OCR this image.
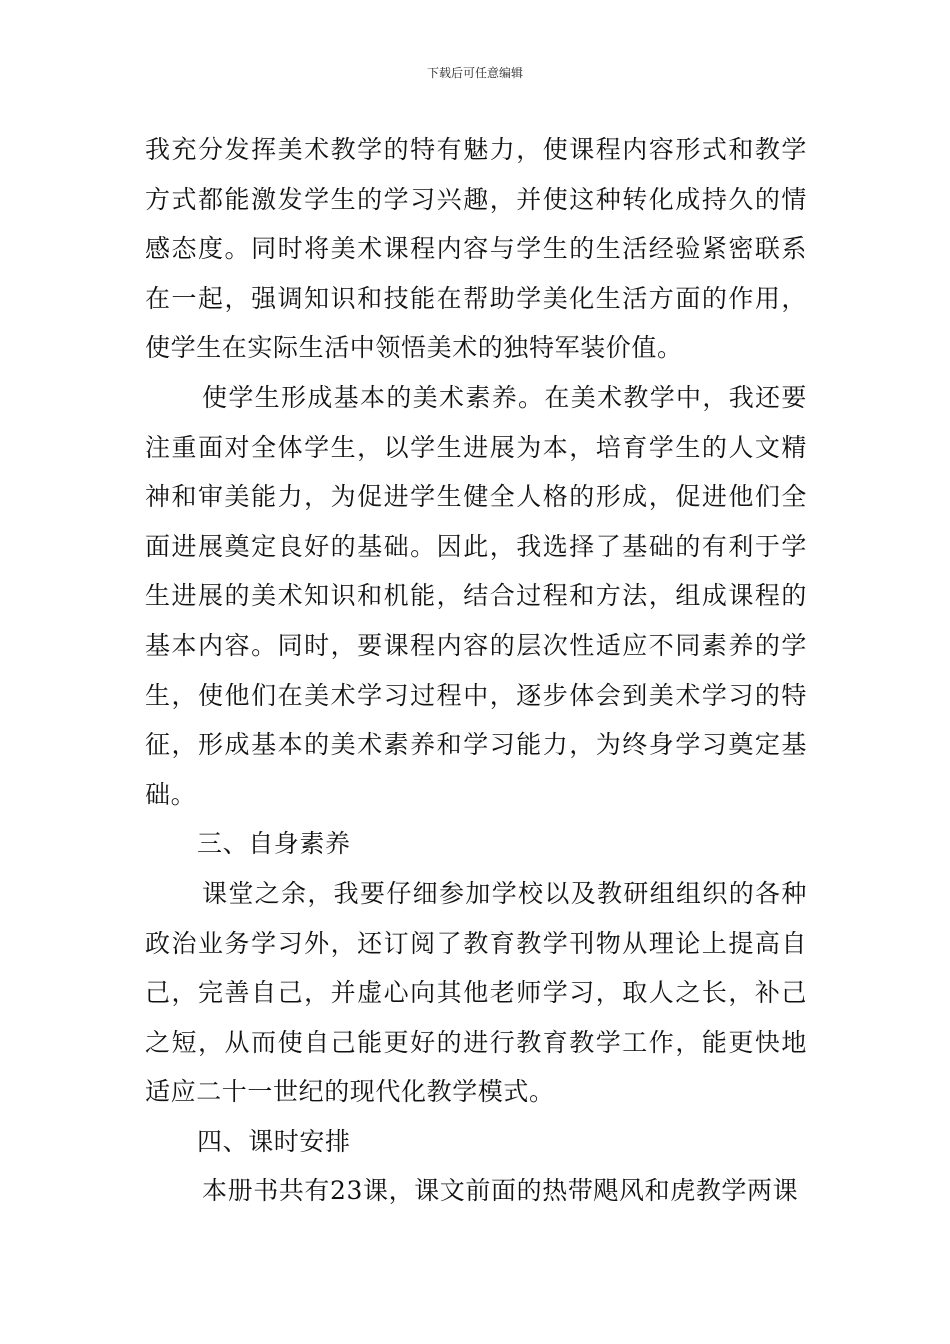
下载后可任意编辑

我充分发挥美术教学的特有魅力，使课程内容形式和教学方式都能激发学生的学习兴趣，并使这种转化成持久的情感态度。同时将美术课程内容与学生的生活经验紧密联系在一起，强调知识和技能在帮助学美化生活方面的作用，使学生在实际生活中领悟美术的独特军装价值。

使学生形成基本的美术素养。在美术教学中，我还要注重面对全体学生，以学生进展为本，培育学生的人文精神和审美能力，为促进学生健全人格的形成，促进他们全面进展奠定良好的基础。因此，我选择了基础的有利于学生进展的美术知识和机能，结合过程和方法，组成课程的基本内容。同时，要课程内容的层次性适应不同素养的学生，使他们在美术学习过程中，逐步体会到美术学习的特征，形成基本的美术素养和学习能力，为终身学习奠定基础。

三、自身素养

课堂之余，我要仔细参加学校以及教研组组织的各种政治业务学习外，还订阅了教育教学刊物从理论上提高自己，完善自己，并虚心向其他老师学习，取人之长，补己之短，从而使自己能更好的进行教育教学工作，能更快地适应二十一世纪的现代化教学模式。

四、课时安排

本册书共有23课，课文前面的热带飓风和虎教学两课
